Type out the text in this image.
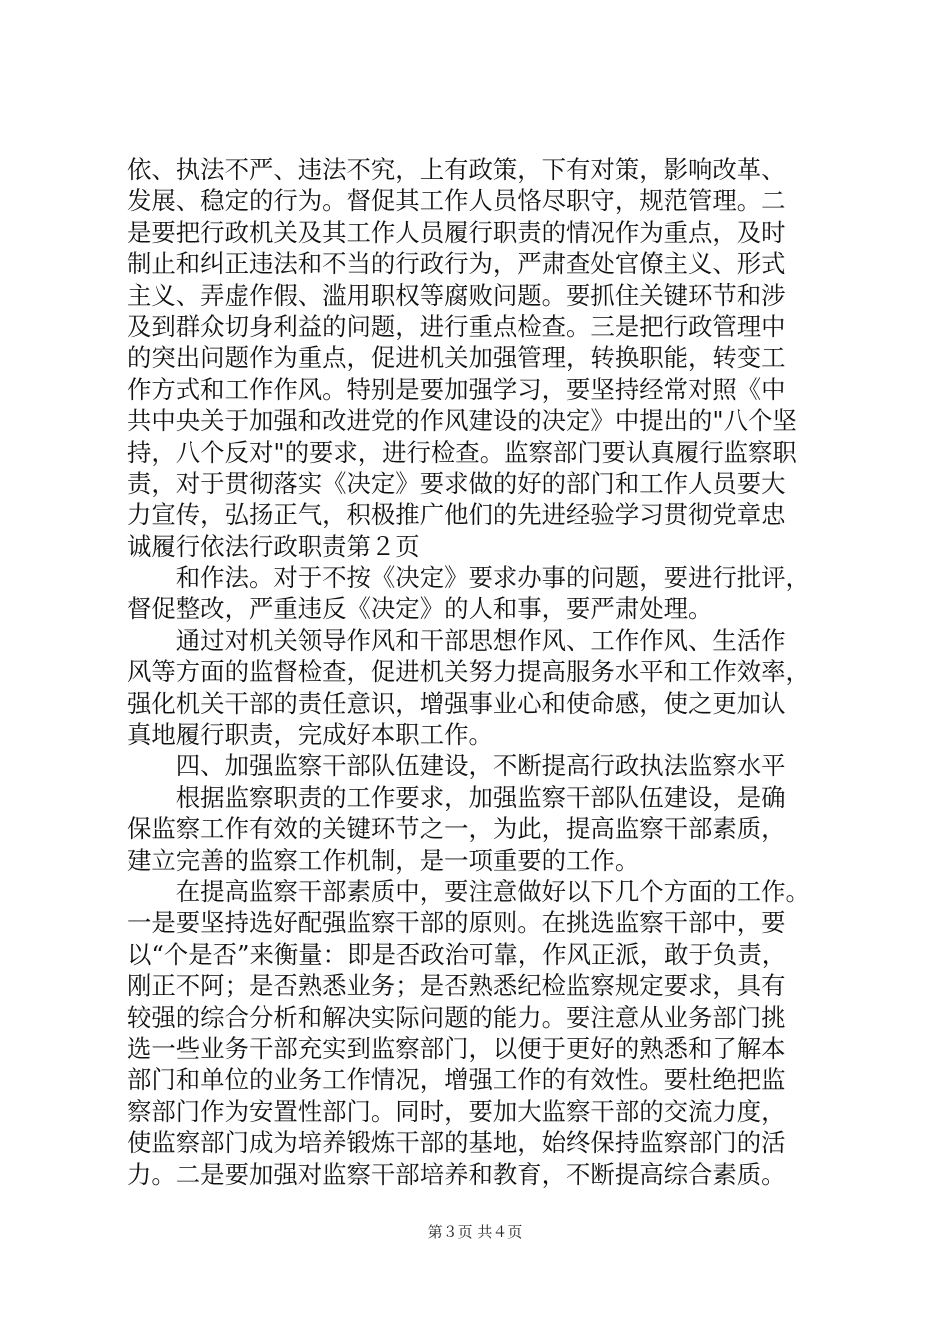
依、执法不严、违法不究，上有政策，下有对策，影响改革、
发展、稳定的行为。督促其工作人员恪尽职守，规范管理。二
是要把行政机关及其工作人员履行职责的情况作为重点，及时
制止和纠正违法和不当的行政行为，严肃查处官僚主义、形式
主义、弄虚作假、滥用职权等腐败问题。要抓住关键环节和涉
及到群众切身利益的问题，进行重点检查。三是把行政管理中
的突出问题作为重点，促进机关加强管理，转换职能，转变工
作方式和工作作风。特别是要加强学习，要坚持经常对照《中
共中央关于加强和改进党的作风建设的决定》中提出的"八个坚
持，八个反对"的要求，进行检查。监察部门要认真履行监察职
责，对于贯彻落实《决定》要求做的好的部门和工作人员要大
力宣传，弘扬正气，积极推广他们的先进经验学习贯彻党章忠
诚履行依法行政职责第２页
　　和作法。对于不按《决定》要求办事的问题，要进行批评，
督促整改，严重违反《决定》的人和事，要严肃处理。
　　通过对机关领导作风和干部思想作风、工作作风、生活作
风等方面的监督检查，促进机关努力提高服务水平和工作效率，
强化机关干部的责任意识，增强事业心和使命感，使之更加认
真地履行职责，完成好本职工作。
　　四、加强监察干部队伍建设，不断提高行政执法监察水平
　　根据监察职责的工作要求，加强监察干部队伍建设，是确
保监察工作有效的关键环节之一，为此，提高监察干部素质，
建立完善的监察工作机制，是一项重要的工作。
　　在提高监察干部素质中，要注意做好以下几个方面的工作。
一是要坚持选好配强监察干部的原则。在挑选监察干部中，要
以“个是否”来衡量：即是否政治可靠，作风正派，敢于负责，
刚正不阿；是否熟悉业务；是否熟悉纪检监察规定要求，具有
较强的综合分析和解决实际问题的能力。要注意从业务部门挑
选一些业务干部充实到监察部门，以便于更好的熟悉和了解本
部门和单位的业务工作情况，增强工作的有效性。要杜绝把监
察部门作为安置性部门。同时，要加大监察干部的交流力度，
使监察部门成为培养锻炼干部的基地，始终保持监察部门的活
力。二是要加强对监察干部培养和教育，不断提高综合素质。
第３页 共４页
